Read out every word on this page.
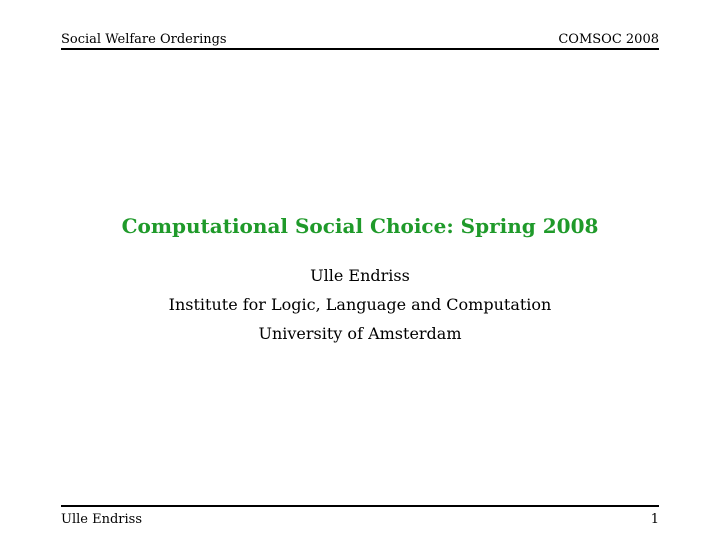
Social Welfare Orderings	COMSOC 2008
Computational Social Choice: Spring 2008
Ulle Endriss
Institute for Logic, Language and Computation
University of Amsterdam
Ulle Endriss	1
